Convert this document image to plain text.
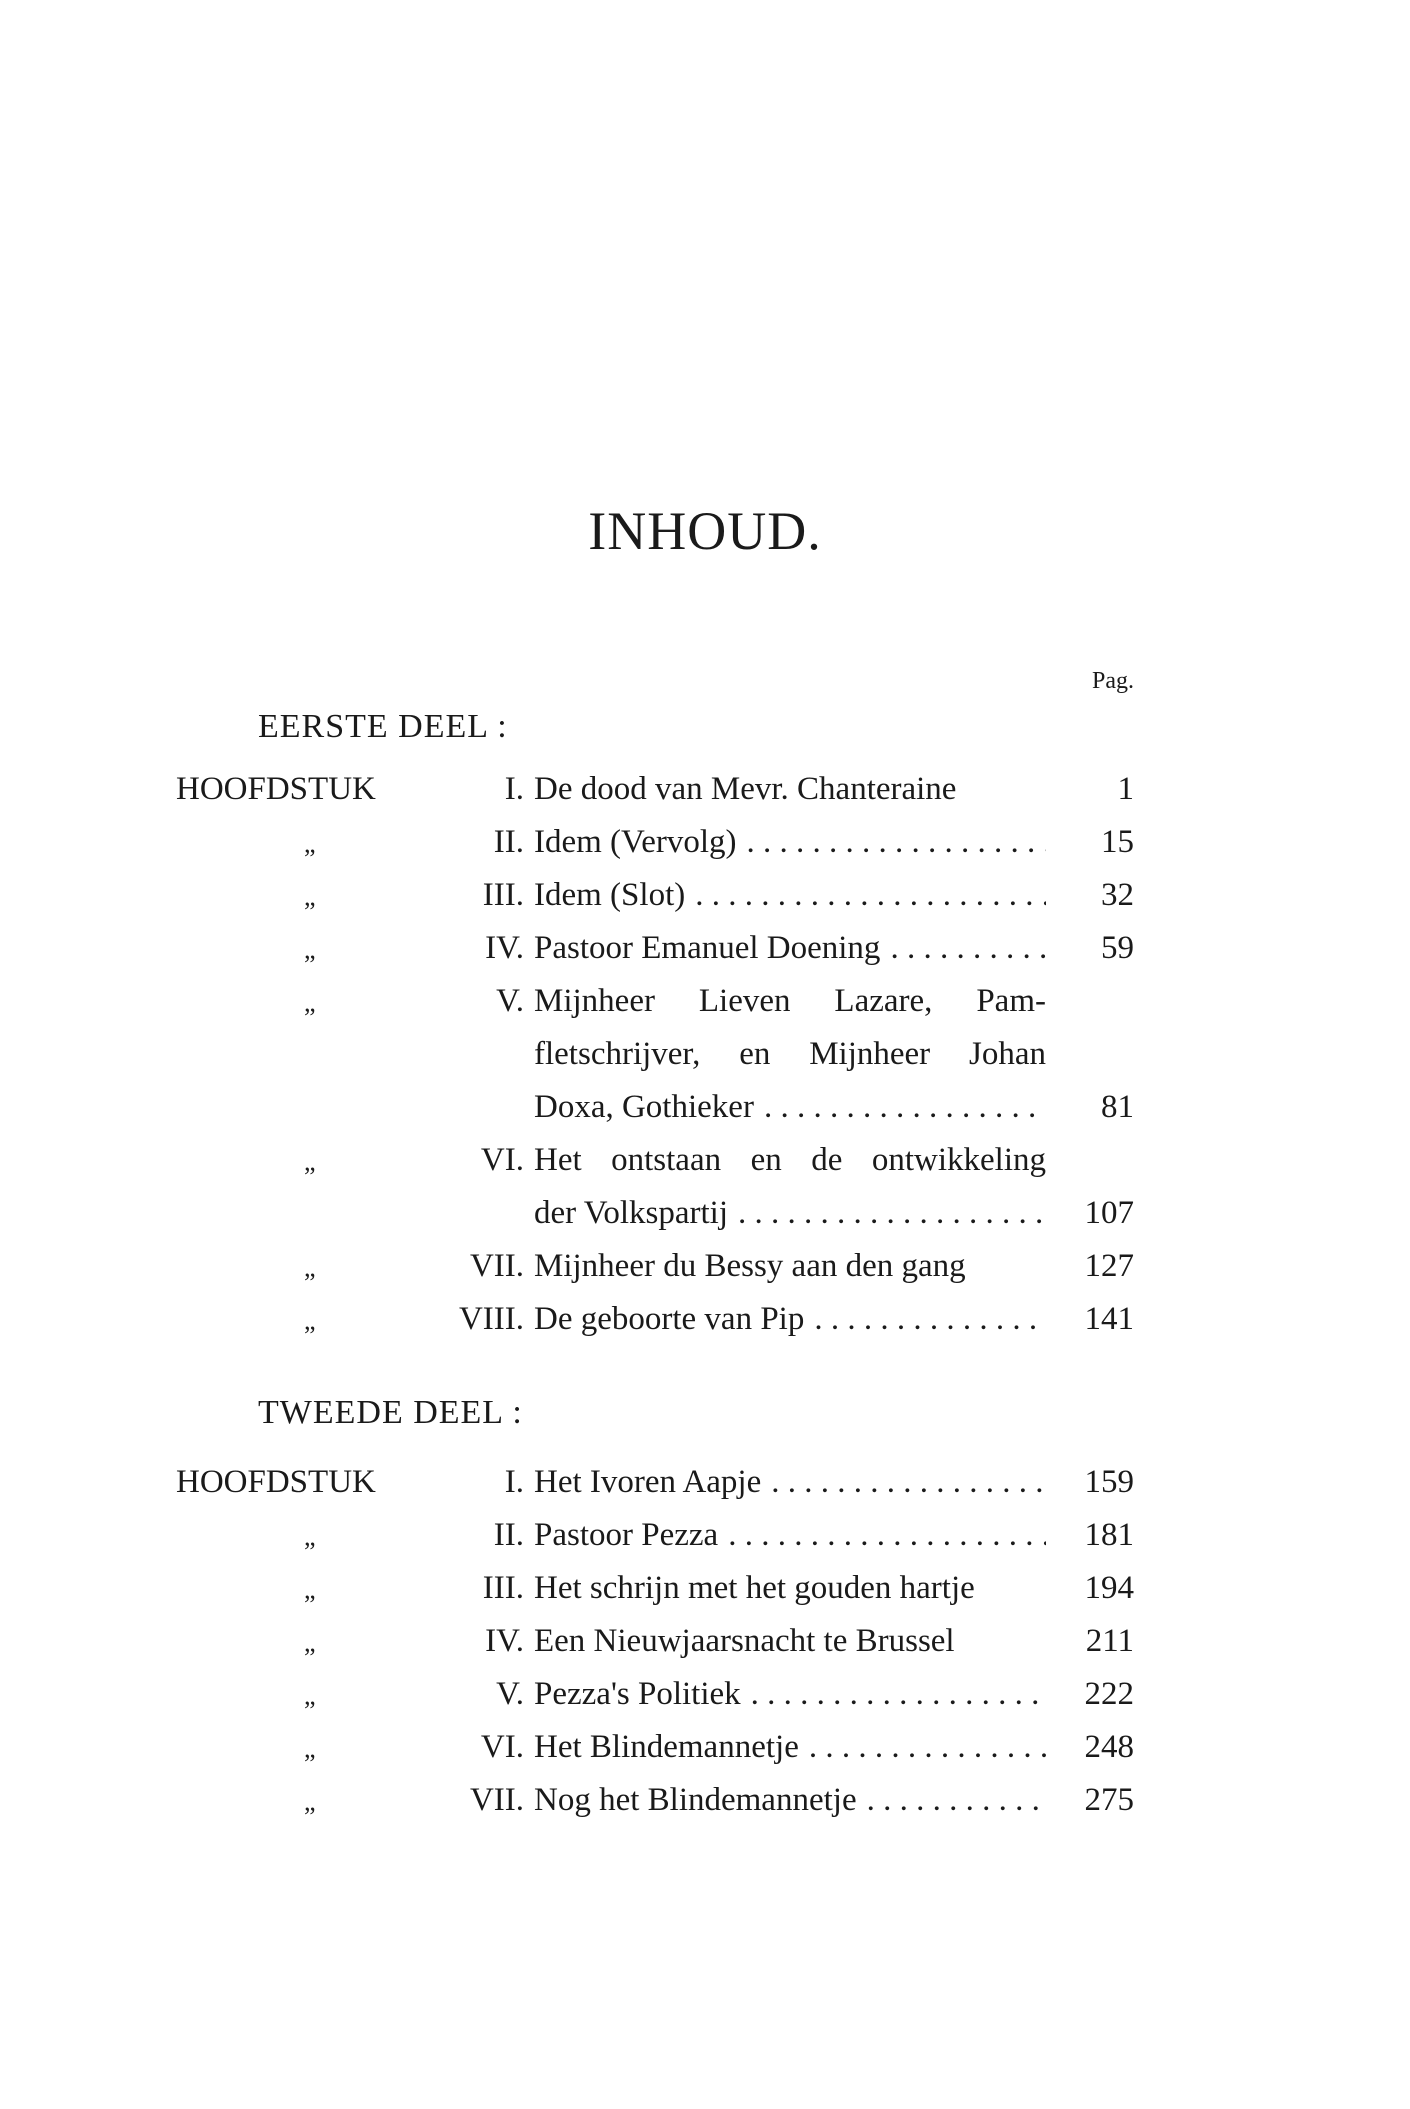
INHOUD.
Pag.
EERSTE DEEL :
HOOFDSTUK	I. De dood van Mevr. Chanteraine	1
„	II. Idem (Vervolg) . . .	15
„	III. Idem (Slot) . . .	32
„	IV. Pastoor Emanuel Doening . . .	59
„	V. Mijnheer Lieven Lazare, Pam-
fletschrijver, en Mijnheer Johan
Doxa, Gothieker . . .	81
„	VI. Het ontstaan en de ontwikkeling
der Volkspartij . . .	107
„	VII. Mijnheer du Bessy aan den gang	127
„	VIII. De geboorte van Pip . . .	141
TWEEDE DEEL :
HOOFDSTUK	I. Het Ivoren Aapje . . .	159
„	II. Pastoor Pezza . . .	181
„	III. Het schrijn met het gouden hartje	194
„	IV. Een Nieuwjaarsnacht te Brussel	211
„	V. Pezza's Politiek . . .	222
„	VI. Het Blindemannetje . . .	248
„	VII. Nog het Blindemannetje . . .	275
